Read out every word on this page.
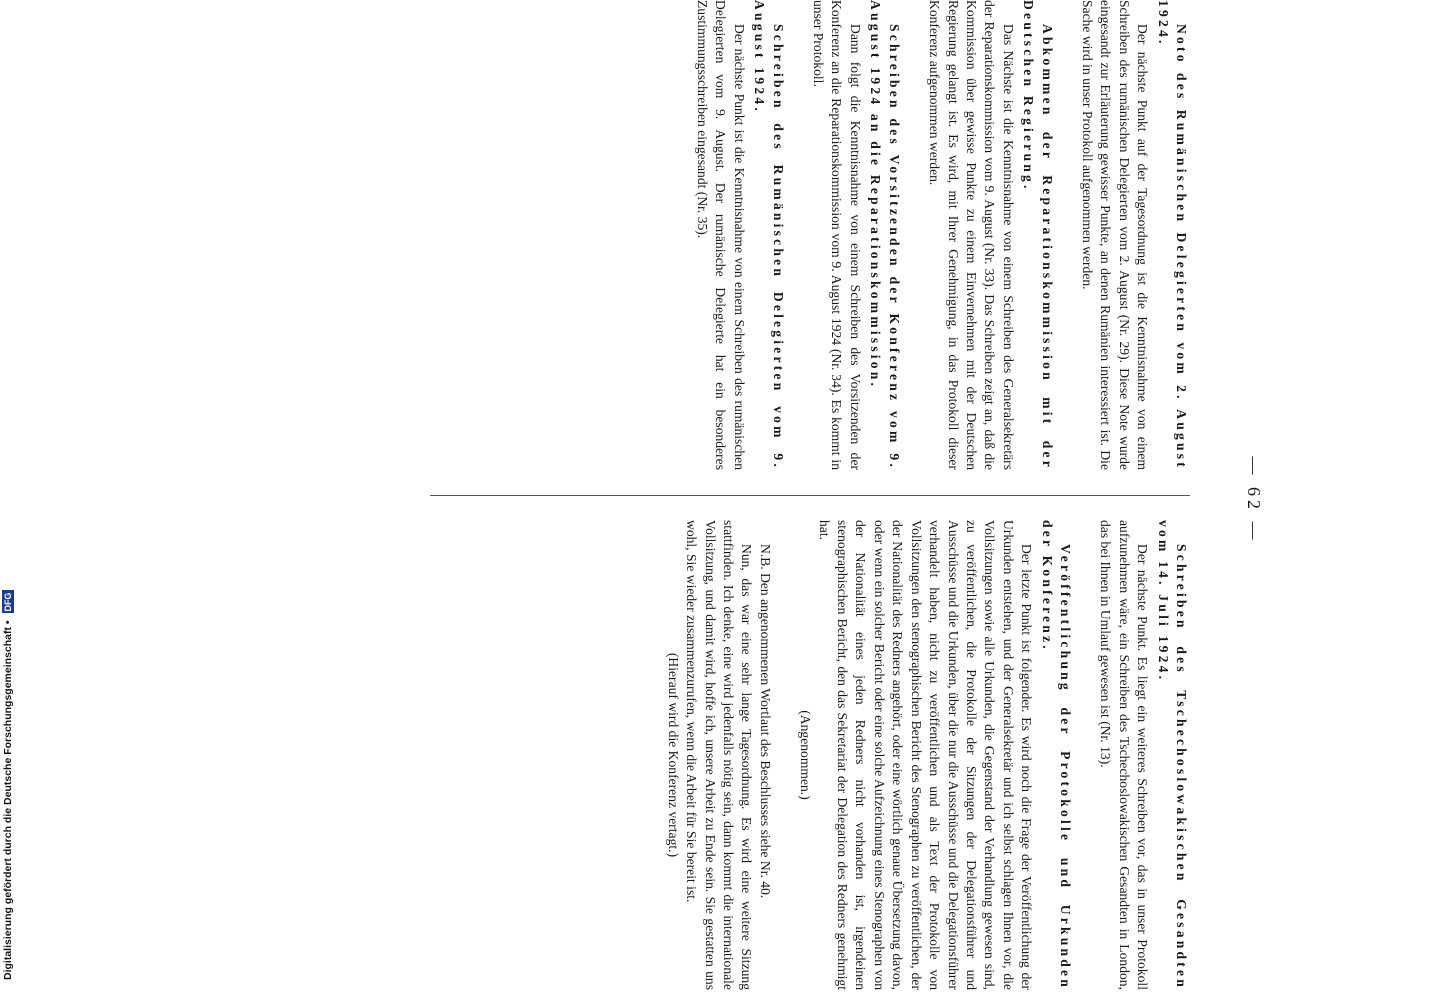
— 62 —
Noto des Rumänischen Delegierten vom 2. August 1924.

Der nächste Punkt auf der Tagesordnung ist die Kenntnisnahme von einem Schreiben des rumänischen Delegierten vom 2. August (Nr. 29). Diese Note wurde eingesandt zur Erläuterung gewisser Punkte, an denen Rumänien interessiert ist. Die Sache wird in unser Protokoll aufgenommen werden.

Abkommen der Reparationskommission mit der Deutschen Regierung.

Das Nächste ist die Kenntnisnahme von einem Schreiben des Generalsekretärs der Reparationskommission vom 9. August (Nr. 33). Das Schreiben zeigt an, daß die Kommission über gewisse Punkte zu einem Einvernehmen mit der Deutschen Regierung gelangt ist. Es wird, mit Ihrer Genehmigung, in das Protokoll dieser Konferenz aufgenommen werden.

Schreiben des Vorsitzenden der Konferenz vom 9. August 1924 an die Reparationskommission.

Dann folgt die Kenntnisnahme von einem Schreiben des Vorsitzenden der Konferenz an die Reparationskommission vom 9. August 1924 (Nr. 34). Es kommt in unser Protokoll.

Schreiben des Rumänischen Delegierten vom 9. August 1924.

Der nächste Punkt ist die Kenntnisnahme von einem Schreiben des rumänischen Delegierten vom 9. August. Der rumänische Delegierte hat ein besonderes Zustimmungsschreiben eingesandt (Nr. 35).

Schreiben des Tschechoslowakischen Gesandten vom 14. Juli 1924.

Der nächste Punkt. Es liegt ein weiteres Schreiben vor, das in unser Protokoll aufzunehmen wäre, ein Schreiben des Tschechoslowakischen Gesandten in London, das bei Ihnen in Umlauf gewesen ist (Nr. 13).

Veröffentlichung der Protokolle und Urkunden der Konferenz.

Der letzte Punkt ist folgender. Es wird noch die Frage der Veröffentlichung der Urkunden entstehen, und der Generalsekretär und ich selbst schlagen Ihnen vor, die Vollsitzungen sowie alle Urkunden, die Gegenstand der Verhandlung gewesen sind, zu veröffentlichen, die Protokolle der Sitzungen der Delegationsführer und Ausschüsse und die Urkunden, über die nur die Ausschüsse und die Delegationsführer verhandelt haben, nicht zu veröffentlichen und als Text der Protokolle von Vollsitzungen den stenographischen Bericht des Stenographen zu veröffentlichen, der der Nationalität des Redners angehört, oder eine wörtlich genaue Übersetzung davon, oder wenn ein solcher Bericht oder eine solche Aufzeichnung eines Stenographen von der Nationalität eines jeden Redners nicht vorhanden ist, irgendeinen stenographischen Bericht, den das Sekretariat der Delegation des Redners genehmigt hat.

(Angenommen.)

N.B. Den angenommenen Wortlaut des Beschlusses siehe Nr. 40.

Nun, das war eine sehr lange Tagesordnung. Es wird eine weitere Sitzung stattfinden. Ich denke, eine wird jedenfalls nötig sein, dann kommt die internationale Vollsitzung, und damit wird, hoffe ich, unsere Arbeit zu Ende sein. Sie gestatten uns wohl, Sie wieder zusammenzurufen, wenn die Arbeit für Sie bereit ist.

(Hierauf wird die Konferenz vertagt.)

Digitalisierung gefördert durch die Deutsche Forschungsgemeinschaft • DFG
